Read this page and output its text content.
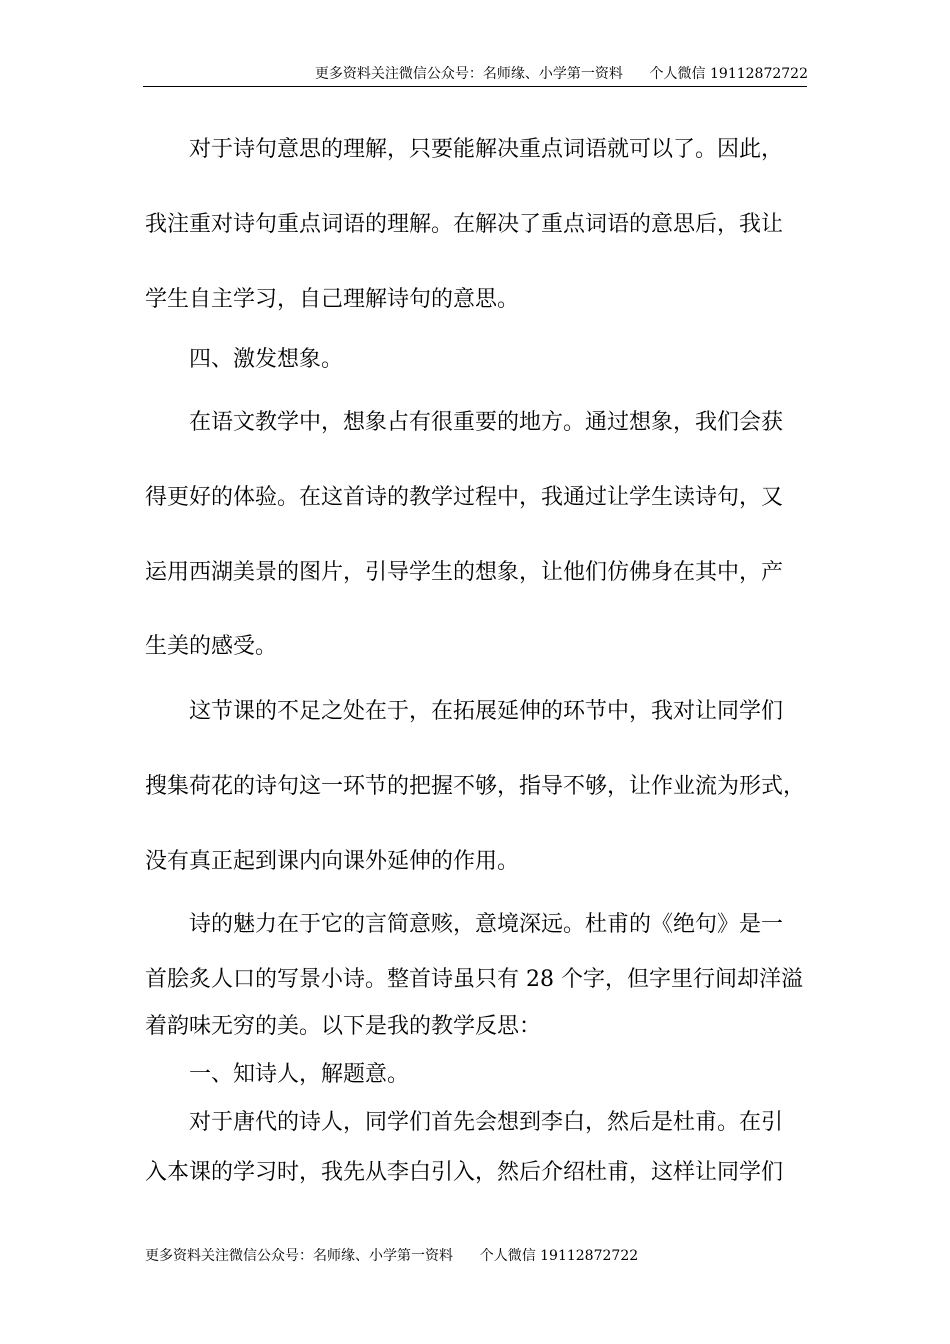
更多资料关注微信公众号：名师缘、小学第一资料      个人微信 19112872722
　　对于诗句意思的理解，只要能解决重点词语就可以了。因此，
我注重对诗句重点词语的理解。在解决了重点词语的意思后，我让
学生自主学习，自己理解诗句的意思。
　　四、激发想象。
　　在语文教学中，想象占有很重要的地方。通过想象，我们会获
得更好的体验。在这首诗的教学过程中，我通过让学生读诗句，又
运用西湖美景的图片，引导学生的想象，让他们仿佛身在其中，产
生美的感受。
　　这节课的不足之处在于，在拓展延伸的环节中，我对让同学们
搜集荷花的诗句这一环节的把握不够，指导不够，让作业流为形式，
没有真正起到课内向课外延伸的作用。
　　诗的魅力在于它的言简意赅，意境深远。杜甫的《绝句》是一
首脍炙人口的写景小诗。整首诗虽只有 28 个字，但字里行间却洋溢
着韵味无穷的美。以下是我的教学反思：
　　一、知诗人，解题意。
　　对于唐代的诗人，同学们首先会想到李白，然后是杜甫。在引
入本课的学习时，我先从李白引入，然后介绍杜甫，这样让同学们
更多资料关注微信公众号：名师缘、小学第一资料      个人微信 19112872722
